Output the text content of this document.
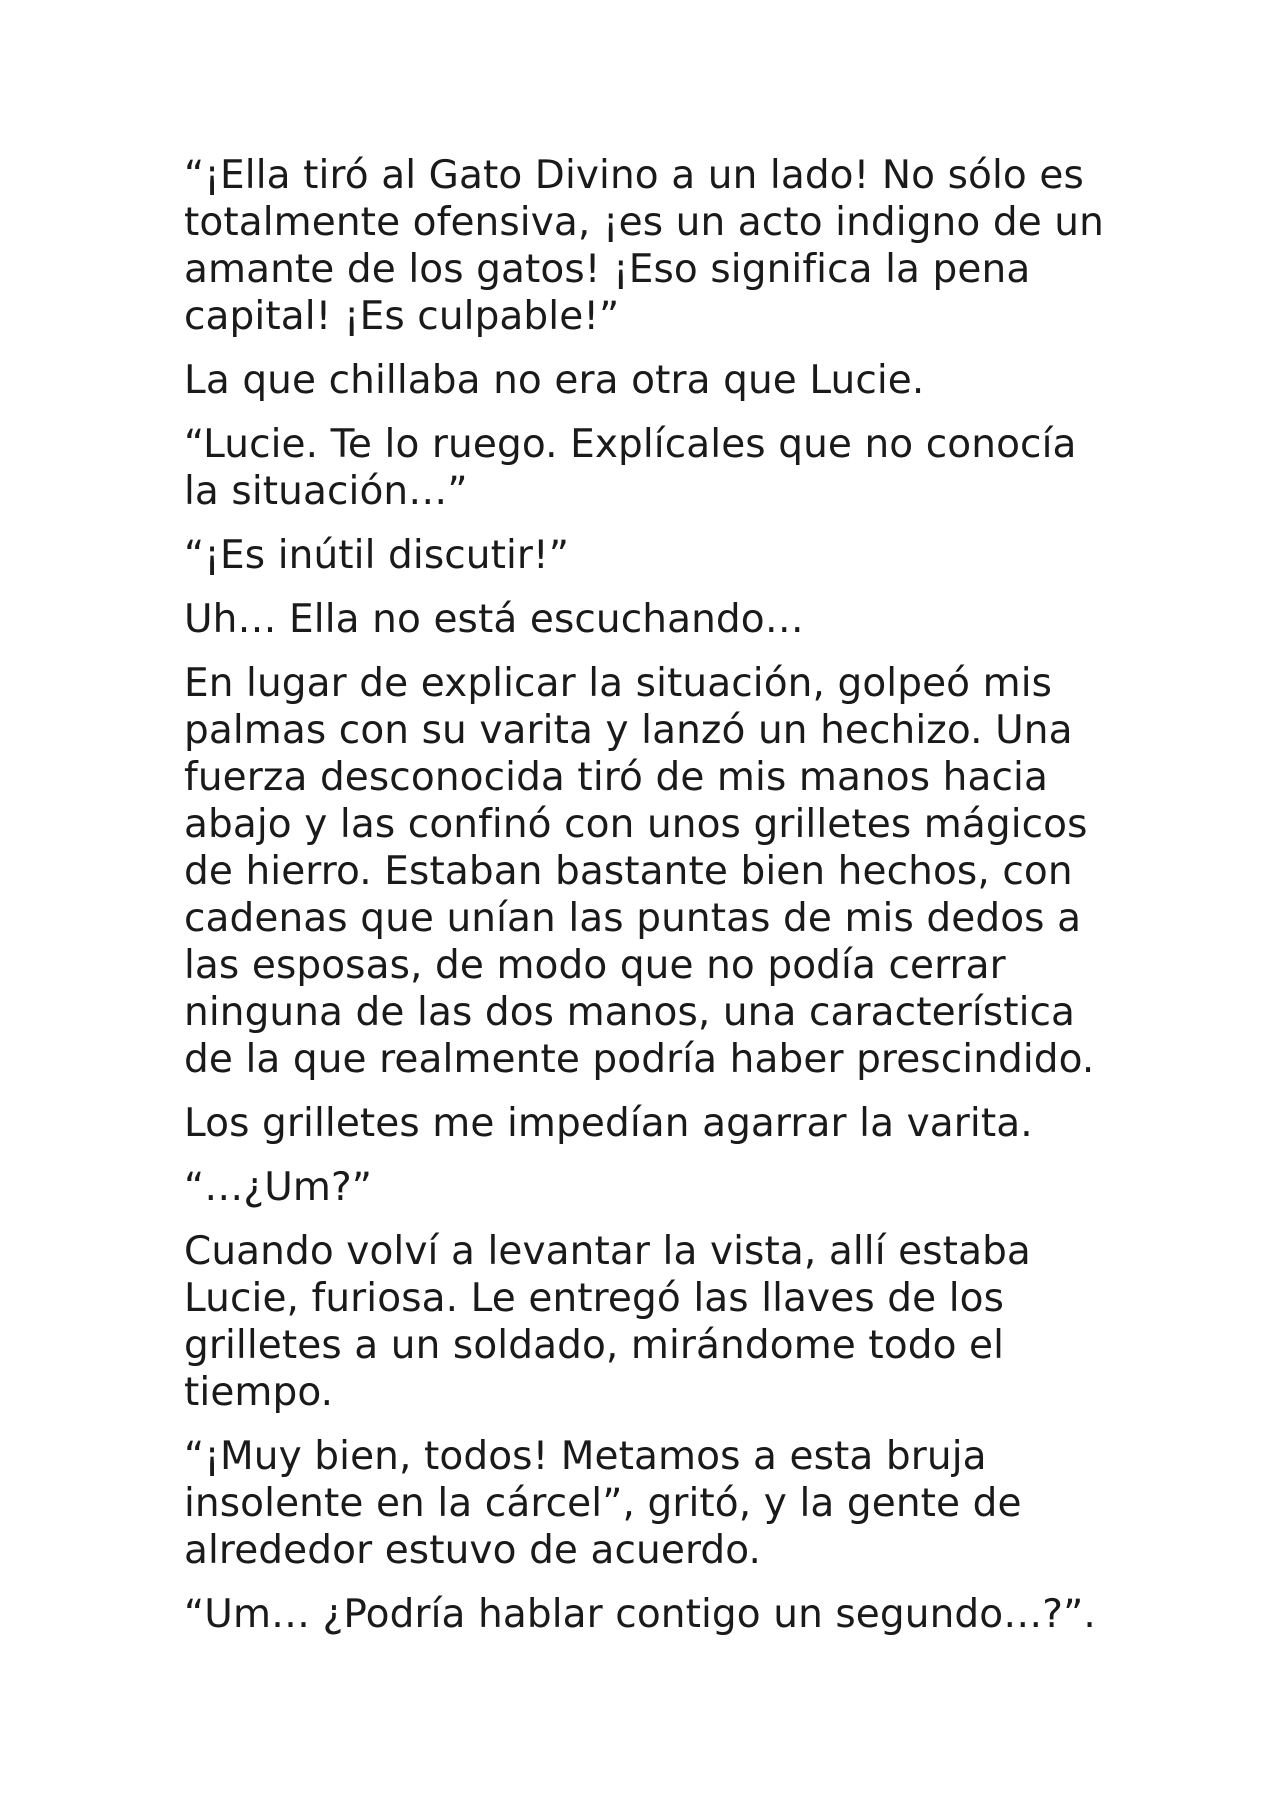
“¡Ella tiró al Gato Divino a un lado! No sólo es
totalmente ofensiva, ¡es un acto indigno de un
amante de los gatos! ¡Eso significa la pena
capital! ¡Es culpable!”

La que chillaba no era otra que Lucie.

“Lucie. Te lo ruego. Explícales que no conocía
la situación…”

“¡Es inútil discutir!”

Uh… Ella no está escuchando…

En lugar de explicar la situación, golpeó mis
palmas con su varita y lanzó un hechizo. Una
fuerza desconocida tiró de mis manos hacia
abajo y las confinó con unos grilletes mágicos
de hierro. Estaban bastante bien hechos, con
cadenas que unían las puntas de mis dedos a
las esposas, de modo que no podía cerrar
ninguna de las dos manos, una característica
de la que realmente podría haber prescindido.

Los grilletes me impedían agarrar la varita.

“…¿Um?”

Cuando volví a levantar la vista, allí estaba
Lucie, furiosa. Le entregó las llaves de los
grilletes a un soldado, mirándome todo el
tiempo.

“¡Muy bien, todos! Metamos a esta bruja
insolente en la cárcel”, gritó, y la gente de
alrededor estuvo de acuerdo.

“Um… ¿Podría hablar contigo un segundo…?”.
